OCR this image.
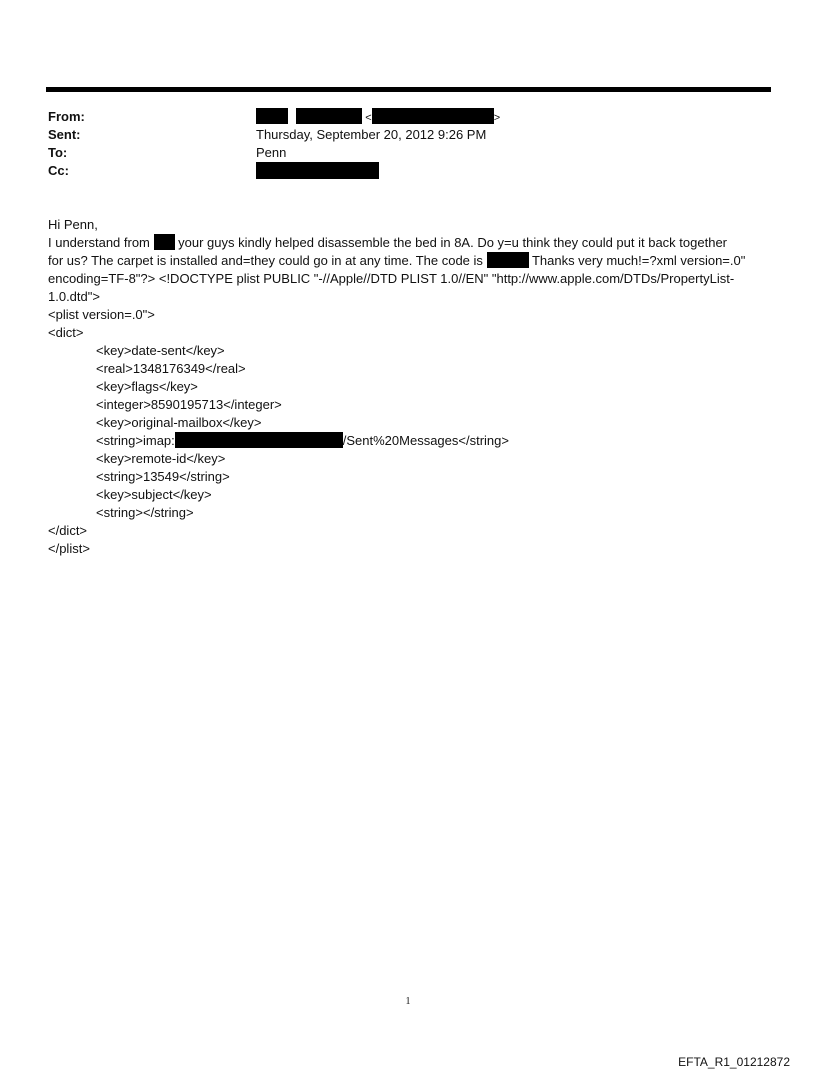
From:	<	>
Sent:	Thursday, September 20, 2012 9:26 PM
To:	Penn
Cc:
Hi Penn,
I understand from your guys kindly helped disassemble the bed in 8A. Do y=u think they could put it back together
for us? The carpet is installed and=they could go in at any time. The code is	Thanks very much!=?xml version=.0"
encoding=TF-8"?> <!DOCTYPE plist PUBLIC "-//Apple//DTD PLIST 1.0//EN" "http://www.apple.com/DTDs/PropertyList-
1.0.dtd">
<plist version=.0">
<dict>
<key>date-sent</key>
<real>1348176349</real>
<key>flags</key>
<integer>8590195713</integer>
<key>original-mailbox</key>
<string>imap:	/Sent%20Messages</string>
<key>remote-id</key>
<string>13549</string>
<key>subject</key>
<string></string>
</dict>
</plist>
1
EFTA_R1_01212872
